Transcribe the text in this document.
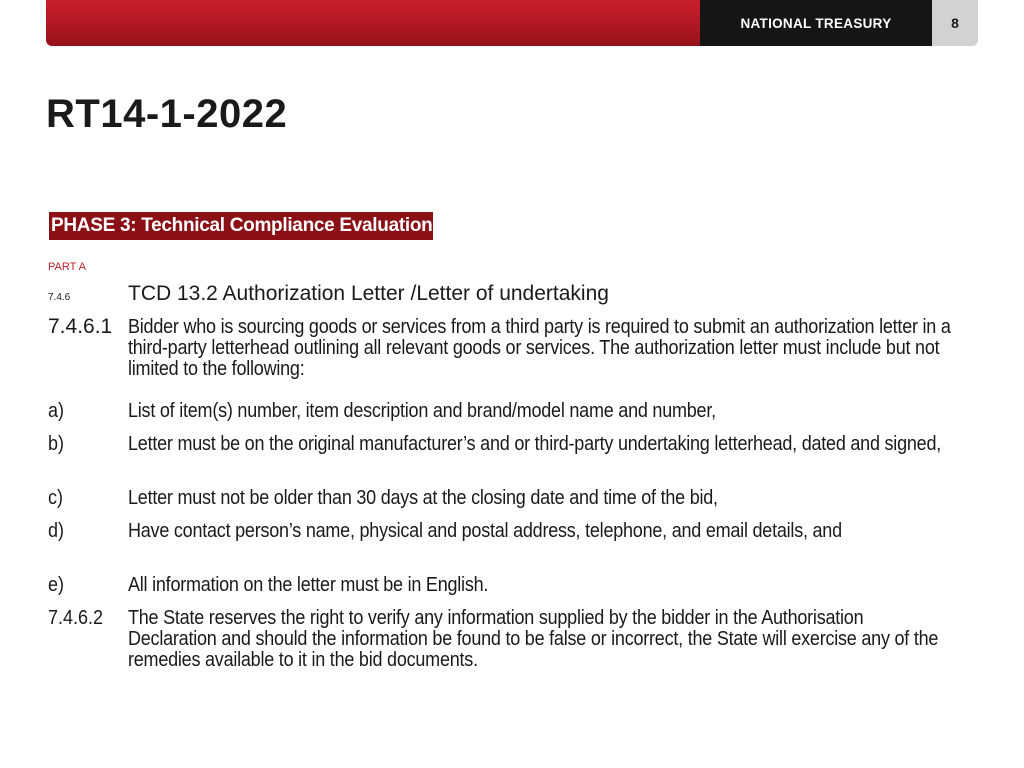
NATIONAL TREASURY	8
RT14-1-2022
PHASE 3: Technical Compliance Evaluation
PART A
7.4.6	TCD 13.2 Authorization Letter /Letter of undertaking
7.4.6.1 Bidder who is sourcing goods or services from a third party is required to submit an authorization letter in a third-party letterhead outlining all relevant goods or services. The authorization letter must include but not limited to the following:

a)	List of item(s) number, item description and brand/model name and number,
b)	Letter must be on the original manufacturer’s and or third-party undertaking letterhead, dated and signed,
c)	Letter must not be older than 30 days at the closing date and time of the bid,
d)	Have contact person’s name, physical and postal address, telephone, and email details, and
e)	All information on the letter must be in English.
7.4.6.2 The State reserves the right to verify any information supplied by the bidder in the Authorisation Declaration and should the information be found to be false or incorrect, the State will exercise any of the remedies available to it in the bid documents.
